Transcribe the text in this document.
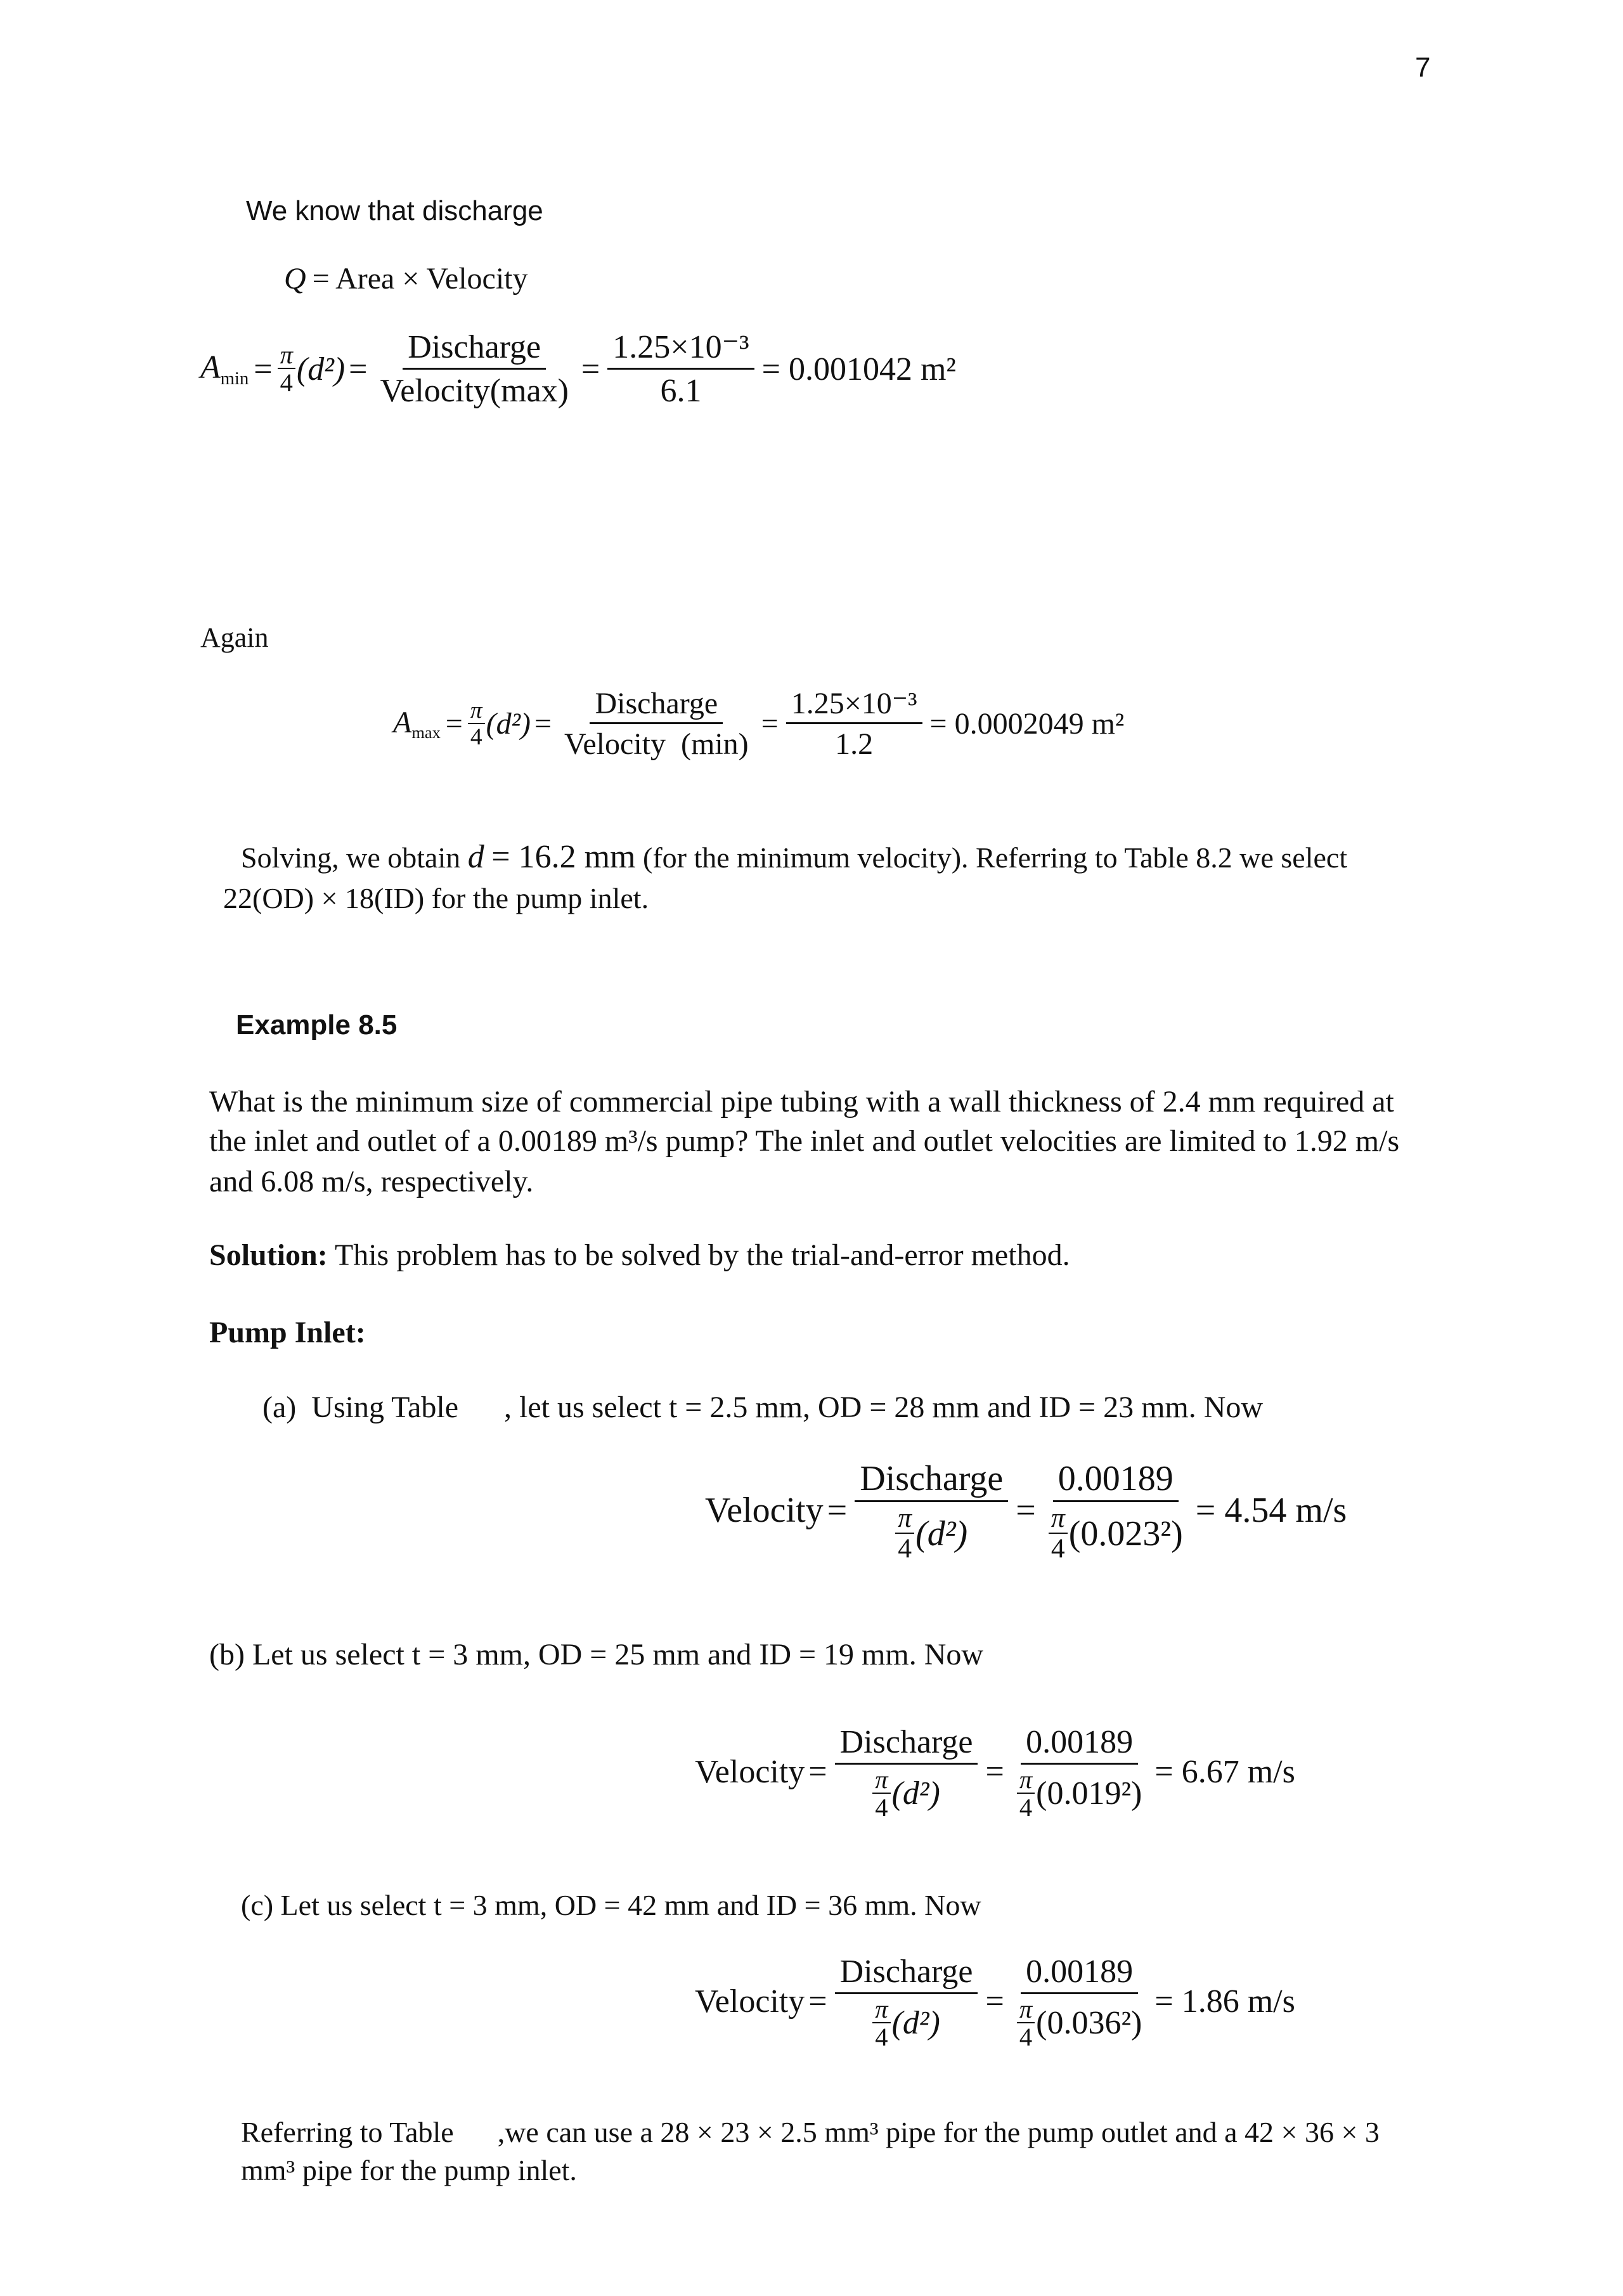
7
We know that discharge
Q = Area × Velocity
$A_{min} = \frac{\pi}{4} (d^2) = \frac{\text{Discharge}}{\text{Velocity(max)}} = \frac{\text{1.25×10⁻³}}{6.1} = 0.001042$ m²
Again
$A_{max} = \frac{\pi}{4} (d^2) = \frac{\text{Discharge}}{\text{Velocity  (min)}} = \frac{\text{1.25×10⁻³}}{1.2} = 0.0002049$ m²
Solving, we obtain d = 16.2 mm (for the minimum velocity). Referring to Table 8.2 we select
22(OD) × 18(ID) for the pump inlet.
Example 8.5
What is the minimum size of commercial pipe tubing with a wall thickness of 2.4 mm required at
the inlet and outlet of a 0.00189 m³/s pump? The inlet and outlet velocities are limited to 1.92 m/s
and 6.08 m/s, respectively.
Solution: This problem has to be solved by the trial-and-error method.
Pump Inlet:
(a)  Using Table      , let us select t = 2.5 mm, OD = 28 mm and ID = 23 mm. Now
Velocity = $\frac{\text{Discharge}}{\frac{\pi}{4} (d^2)} = \frac{0.00189}{\frac{\pi}{4} (0.023^2)} = 4.54$ m/s
(b) Let us select t = 3 mm, OD = 25 mm and ID = 19 mm. Now
Velocity = $\frac{\text{Discharge}}{\frac{\pi}{4} (d^2)} = \frac{0.00189}{\frac{\pi}{4} (0.019^2)} = 6.67$ m/s
(c) Let us select t = 3 mm, OD = 42 mm and ID = 36 mm. Now
Velocity = $\frac{\text{Discharge}}{\frac{\pi}{4} (d^2)} = \frac{0.00189}{\frac{\pi}{4} (0.036^2)} = 1.86$ m/s
Referring to Table      ,we can use a 28 × 23 × 2.5 mm³ pipe for the pump outlet and a 42 × 36 × 3
mm³ pipe for the pump inlet.
